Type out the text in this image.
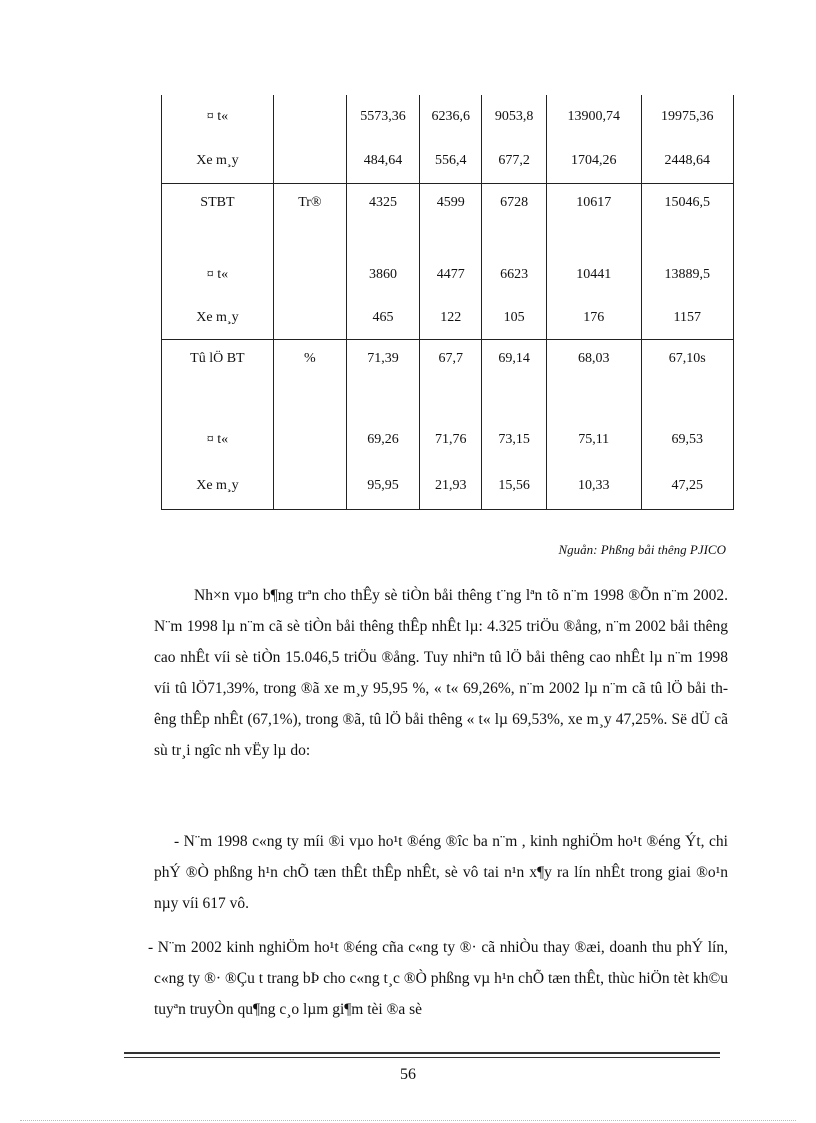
¤ t«		5573,36	6236,6	9053,8	13900,74	19975,36
Xe m¸y		484,64	556,4	677,2	1704,26	2448,64
STBT	Tr®	4325	4599	6728	10617	15046,5

¤ t«		3860	4477	6623	10441	13889,5
Xe m¸y		465	122	105	176	1157
Tû lÖ BT	%	71,39	67,7	69,14	68,03	67,10s

¤ t«		69,26	71,76	73,15	75,11	69,53
Xe m¸y		95,95	21,93	15,56	10,33	47,25
Nguån: Phßng båi thêng PJICO
Nh×n vµo b¶ng trªn cho thÊy sè tiÒn båi thêng t¨ng lªn tõ n¨m 1998 ®Õn n¨m 2002. N¨m 1998 lµ n¨m cã sè tiÒn båi thêng thÊp nhÊt lµ: 4.325 triÖu ®ång, n¨m 2002 båi thêng cao nhÊt víi sè tiÒn 15.046,5 triÖu ®ång. Tuy nhiªn tû lÖ båi thêng cao nhÊt lµ n¨m 1998 víi tû lÖ71,39%, trong ®ã xe m¸y 95,95 %, « t« 69,26%, n¨m 2002 lµ n¨m cã tû lÖ båi thêng thÊp nhÊt (67,1%), trong ®ã, tû lÖ båi thêng « t« lµ 69,53%, xe m¸y 47,25%. Së dÜ cã sù tr¸i ngîc nh vËy lµ do:
- N¨m 1998 c«ng ty míi ®i vµo ho¹t ®éng ®îc ba n¨m , kinh nghiÖm ho¹t ®éng Ýt, chi phÝ ®Ò phßng h¹n chÕ tæn thÊt thÊp nhÊt, sè vô tai n¹n x¶y ra lín nhÊt trong giai ®o¹n nµy víi 617 vô.
- N¨m 2002 kinh nghiÖm ho¹t ®éng cña c«ng ty ®· cã nhiÒu thay ®æi, doanh thu phÝ lín, c«ng ty ®· ®Çu t trang bÞ cho c«ng t¸c ®Ò phßng vµ h¹n chÕ tæn thÊt, thùc hiÖn tèt kh©u tuyªn truyÒn qu¶ng c¸o lµm gi¶m tèi ®a sè
56
